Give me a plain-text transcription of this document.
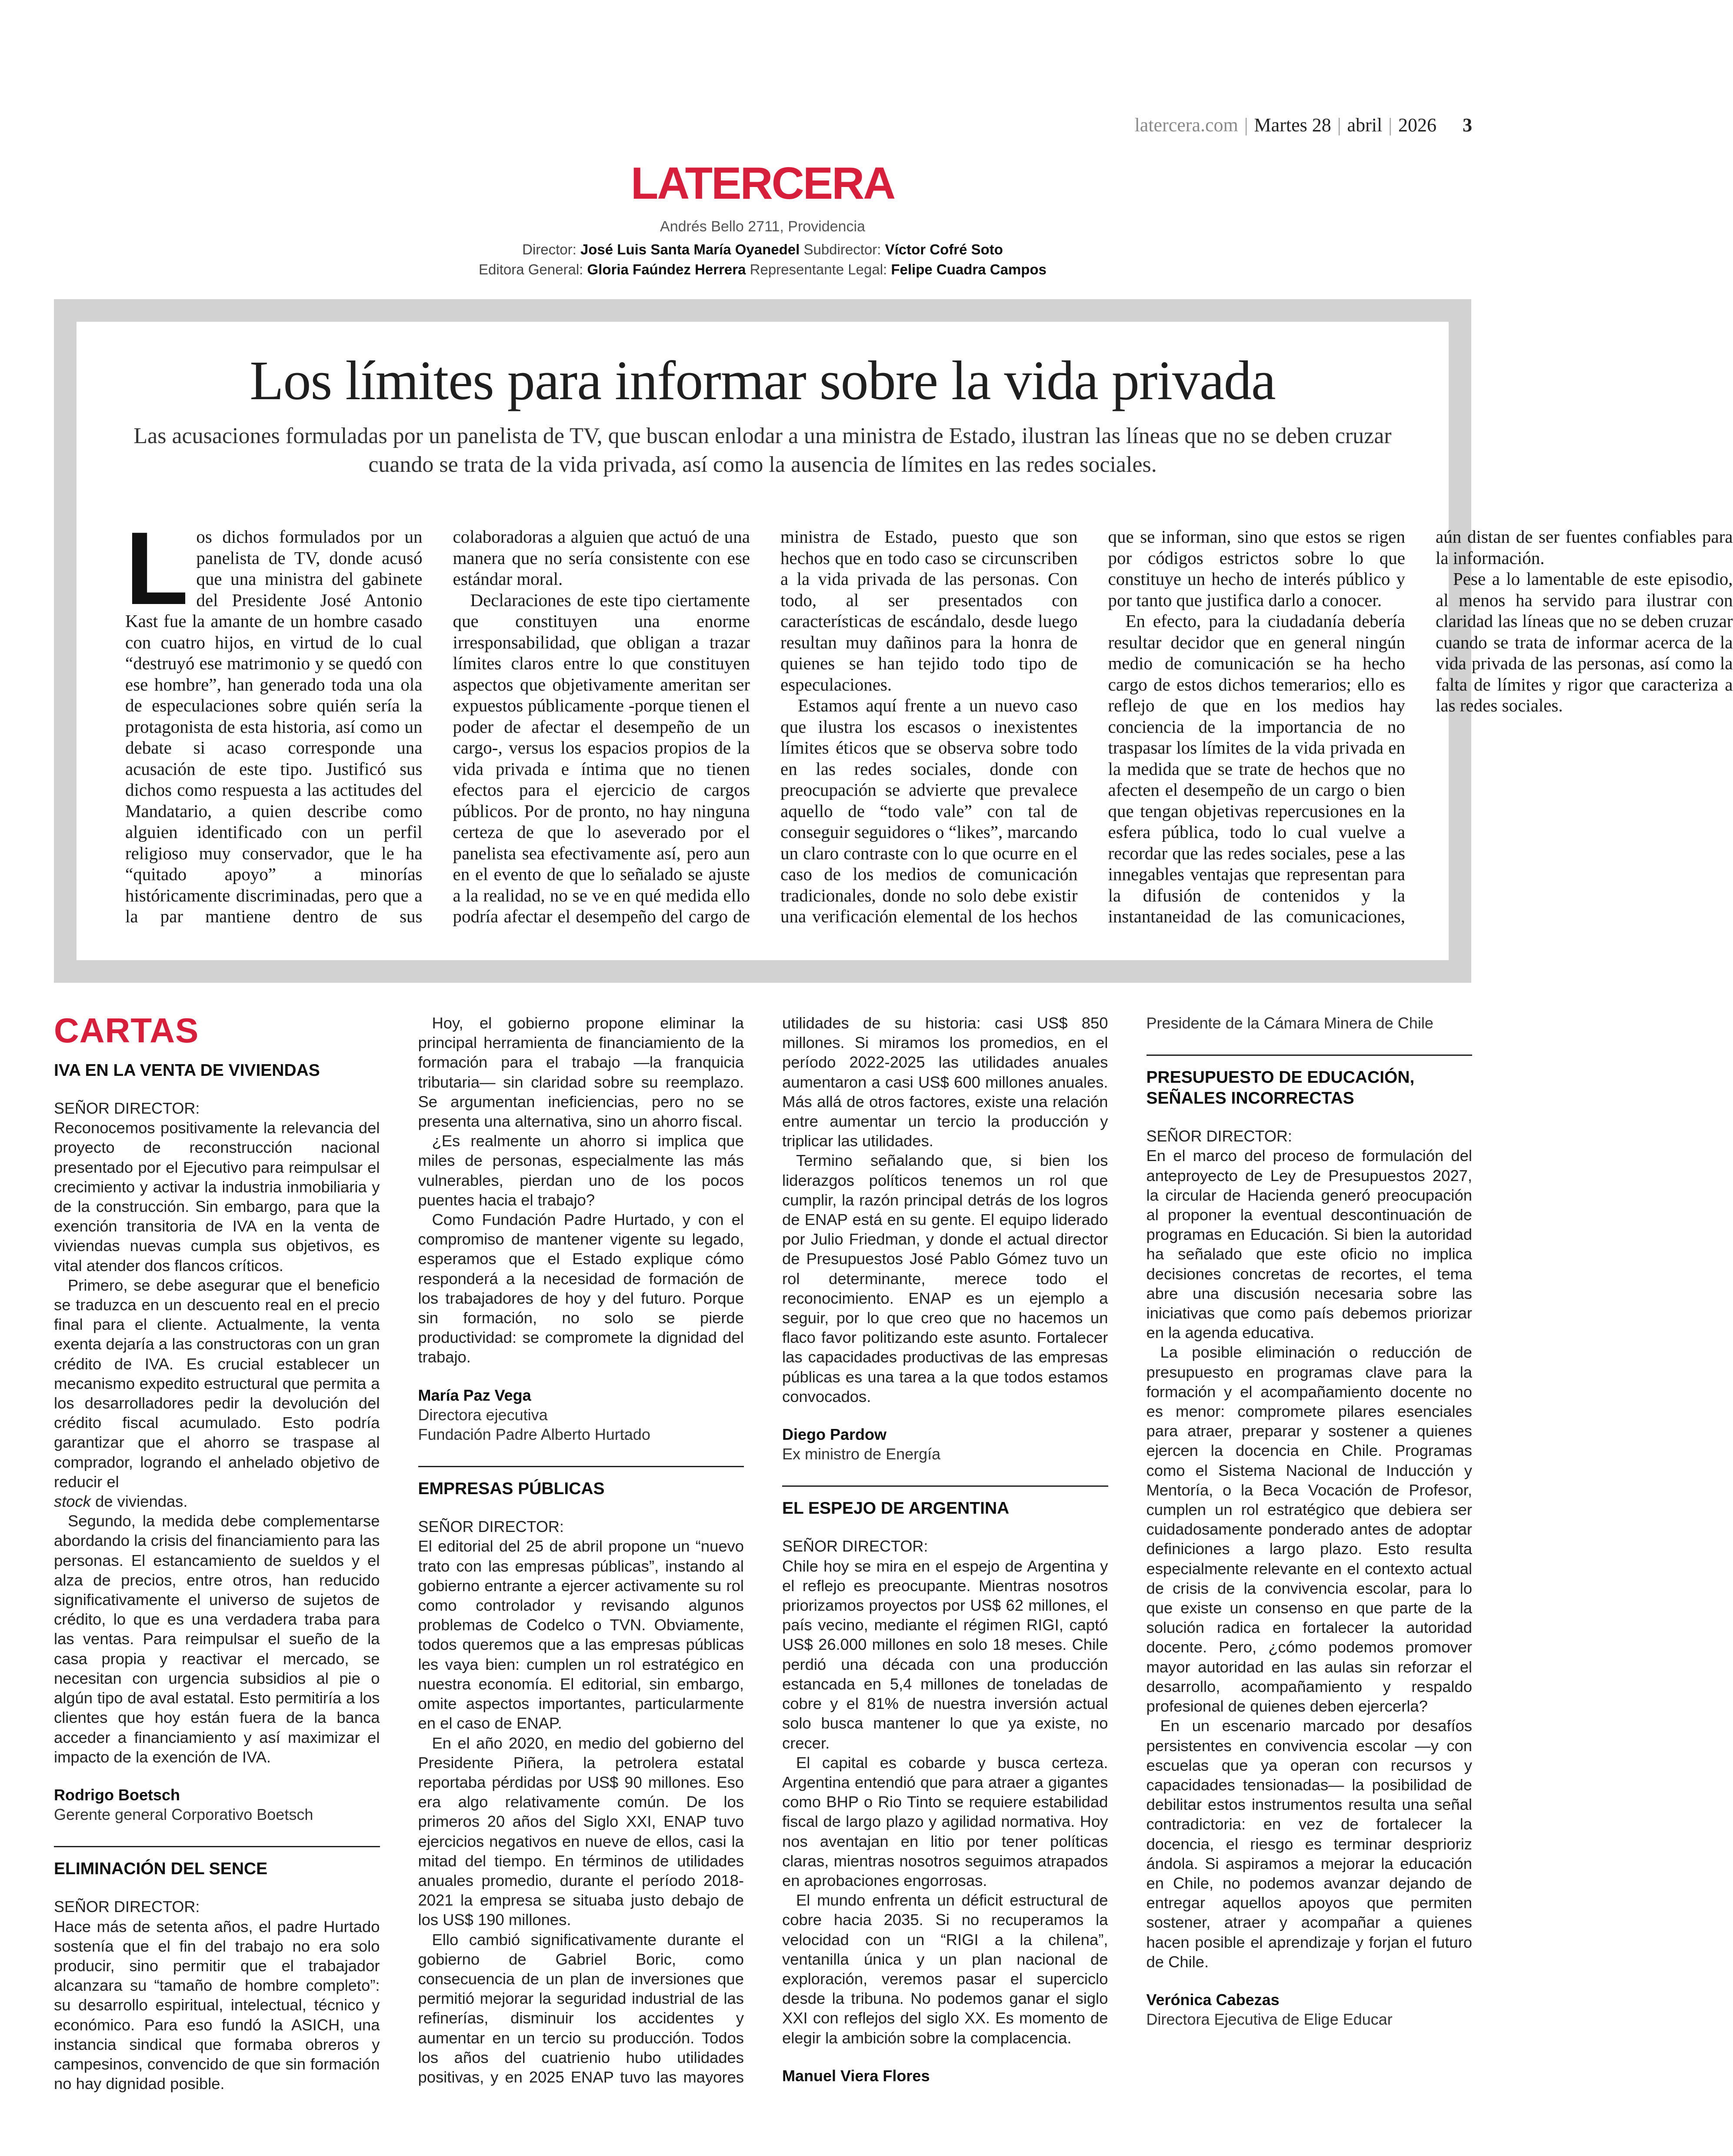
latercera.com | Martes 28 | abril | 2026 3
LATERCERA
Andrés Bello 2711, Providencia
Director: José Luis Santa María Oyanedel Subdirector: Víctor Cofré Soto
Editora General: Gloria Faúndez Herrera Representante Legal: Felipe Cuadra Campos
Los límites para informar sobre la vida privada
Las acusaciones formuladas por un panelista de TV, que buscan enlodar a una ministra de Estado, ilustran las líneas que no se deben cruzar cuando se trata de la vida privada, así como la ausencia de límites en las redes sociales.

Los dichos formulados por un panelista de TV, donde acusó que una ministra del gabinete del Presidente José Antonio Kast fue la amante de un hombre casado con cuatro hijos, en virtud de lo cual “destruyó ese matrimonio y se quedó con ese hombre”, han generado toda una ola de especulaciones sobre quién sería la protagonista de esta historia, así como un debate si acaso corresponde una acusación de este tipo. Justificó sus dichos como respuesta a las actitudes del Mandatario, a quien describe como alguien identificado con un perfil religioso muy conservador, que le ha “quitado apoyo” a minorías históricamente discriminadas, pero que a la par mantiene dentro de sus colaboradoras a alguien que actuó de una manera que no sería consistente con ese estándar moral.

Declaraciones de este tipo ciertamente que constituyen una enorme irresponsabilidad, que obligan a trazar límites claros entre lo que constituyen aspectos que objetivamente ameritan ser expuestos públicamente -porque tienen el poder de afectar el desempeño de un cargo-, versus los espacios propios de la vida privada e íntima que no tienen efectos para el ejercicio de cargos públicos. Por de pronto, no hay ninguna certeza de que lo aseverado por el panelista sea efectivamente así, pero aun en el evento de que lo señalado se ajuste a la realidad, no se ve en qué medida ello podría afectar el desempeño del cargo de ministra de Estado, puesto que son hechos que en todo caso se circunscriben a la vida privada de las personas. Con todo, al ser presentados con características de escándalo, desde luego resultan muy dañinos para la honra de quienes se han tejido todo tipo de especulaciones.

Estamos aquí frente a un nuevo caso que ilustra los escasos o inexistentes límites éticos que se observa sobre todo en las redes sociales, donde con preocupación se advierte que prevalece aquello de “todo vale” con tal de conseguir seguidores o “likes”, marcando un claro contraste con lo que ocurre en el caso de los medios de comunicación tradicionales, donde no solo debe existir una verificación elemental de los hechos que se informan, sino que estos se rigen por códigos estrictos sobre lo que constituye un hecho de interés público y por tanto que justifica darlo a conocer.

En efecto, para la ciudadanía debería resultar decidor que en general ningún medio de comunicación se ha hecho cargo de estos dichos temerarios; ello es reflejo de que en los medios hay conciencia de la importancia de no traspasar los límites de la vida privada en la medida que se trate de hechos que no afecten el desempeño de un cargo o bien que tengan objetivas repercusiones en la esfera pública, todo lo cual vuelve a recordar que las redes sociales, pese a las innegables ventajas que representan para la difusión de contenidos y la instantaneidad de las comunicaciones, aún distan de ser fuentes confiables para la información.

Pese a lo lamentable de este episodio, al menos ha servido para ilustrar con claridad las líneas que no se deben cruzar cuando se trata de informar acerca de la vida privada de las personas, así como la falta de límites y rigor que caracteriza a las redes sociales.

CARTAS
IVA EN LA VENTA DE VIVIENDAS
SEÑOR DIRECTOR:

Reconocemos positivamente la relevancia del proyecto de reconstrucción nacional presentado por el Ejecutivo para reimpulsar el crecimiento y activar la industria inmobiliaria y de la construcción. Sin embargo, para que la exención transitoria de IVA en la venta de viviendas nuevas cumpla sus objetivos, es vital atender dos flancos críticos.

Primero, se debe asegurar que el beneficio se traduzca en un descuento real en el precio final para el cliente. Actualmente, la venta exenta dejaría a las constructoras con un gran crédito de IVA. Es crucial establecer un mecanismo expedito estructural que permita a los desarrolladores pedir la devolución del crédito fiscal acumulado. Esto podría garantizar que el ahorro se traspase al comprador, logrando el anhelado objetivo de reducir el

stock de viviendas.

Segundo, la medida debe complementarse abordando la crisis del financiamiento para las personas. El estancamiento de sueldos y el alza de precios, entre otros, han reducido significativamente el universo de sujetos de crédito, lo que es una verdadera traba para las ventas. Para reimpulsar el sueño de la casa propia y reactivar el mercado, se necesitan con urgencia subsidios al pie o algún tipo de aval estatal. Esto permitiría a los clientes que hoy están fuera de la banca acceder a financiamiento y así maximizar el impacto de la exención de IVA.

Rodrigo Boetsch
Gerente general Corporativo Boetsch
ELIMINACIÓN DEL SENCE
SEÑOR DIRECTOR:

Hace más de setenta años, el padre Hurtado sostenía que el fin del trabajo no era solo producir, sino permitir que el trabajador alcanzara su “tamaño de hombre completo”: su desarrollo espiritual, intelectual, técnico y económico. Para eso fundó la ASICH, una instancia sindical que formaba obreros y campesinos, convencido de que sin formación no hay dignidad posible.

Hoy, el gobierno propone eliminar la principal herramienta de financiamiento de la formación para el trabajo —la franquicia tributaria— sin claridad sobre su reemplazo. Se argumentan ineficiencias, pero no se presenta una alternativa, sino un ahorro fiscal.

¿Es realmente un ahorro si implica que miles de personas, especialmente las más vulnerables, pierdan uno de los pocos puentes hacia el trabajo?

Como Fundación Padre Hurtado, y con el compromiso de mantener vigente su legado, esperamos que el Estado explique cómo responderá a la necesidad de formación de los trabajadores de hoy y del futuro. Porque sin formación, no solo se pierde productividad: se compromete la dignidad del trabajo.

María Paz Vega
Directora ejecutiva
Fundación Padre Alberto Hurtado
EMPRESAS PÚBLICAS
SEÑOR DIRECTOR:

El editorial del 25 de abril propone un “nuevo trato con las empresas públicas”, instando al gobierno entrante a ejercer activamente su rol como controlador y revisando algunos problemas de Codelco o TVN. Obviamente, todos queremos que a las empresas públicas les vaya bien: cumplen un rol estratégico en nuestra economía. El editorial, sin embargo, omite aspectos importantes, particularmente en el caso de ENAP.

En el año 2020, en medio del gobierno del Presidente Piñera, la petrolera estatal reportaba pérdidas por US$ 90 millones. Eso era algo relativamente común. De los primeros 20 años del Siglo XXI, ENAP tuvo ejercicios negativos en nueve de ellos, casi la mitad del tiempo. En términos de utilidades anuales promedio, durante el período 2018-2021 la empresa se situaba justo debajo de los US$ 190 millones.

Ello cambió significativamente durante el gobierno de Gabriel Boric, como consecuencia de un plan de inversiones que permitió mejorar la seguridad industrial de las refinerías, disminuir los accidentes y aumentar en un tercio su producción. Todos los años del cuatrienio hubo utilidades positivas, y en 2025 ENAP tuvo las mayores utilidades de su historia: casi US$ 850 millones. Si miramos los promedios, en el período 2022-2025 las utilidades anuales aumentaron a casi US$ 600 millones anuales. Más allá de otros factores, existe una relación entre aumentar un tercio la producción y triplicar las utilidades.

Termino señalando que, si bien los liderazgos políticos tenemos un rol que cumplir, la razón principal detrás de los logros de ENAP está en su gente. El equipo liderado por Julio Friedman, y donde el actual director de Presupuestos José Pablo Gómez tuvo un rol determinante, merece todo el reconocimiento. ENAP es un ejemplo a seguir, por lo que creo que no hacemos un flaco favor politizando este asunto. Fortalecer las capacidades productivas de las empresas públicas es una tarea a la que todos estamos convocados.

Diego Pardow
Ex ministro de Energía
EL ESPEJO DE ARGENTINA
SEÑOR DIRECTOR:

Chile hoy se mira en el espejo de Argentina y el reflejo es preocupante. Mientras nosotros priorizamos proyectos por US$ 62 millones, el país vecino, mediante el régimen RIGI, captó US$ 26.000 millones en solo 18 meses. Chile perdió una década con una producción estancada en 5,4 millones de toneladas de cobre y el 81% de nuestra inversión actual solo busca mantener lo que ya existe, no crecer.

El capital es cobarde y busca certeza. Argentina entendió que para atraer a gigantes como BHP o Rio Tinto se requiere estabilidad fiscal de largo plazo y agilidad normativa. Hoy nos aventajan en litio por tener políticas claras, mientras nosotros seguimos atrapados en aprobaciones engorrosas.

El mundo enfrenta un déficit estructural de cobre hacia 2035. Si no recuperamos la velocidad con un “RIGI a la chilena”, ventanilla única y un plan nacional de exploración, veremos pasar el superciclo desde la tribuna. No podemos ganar el siglo XXI con reflejos del siglo XX. Es momento de elegir la ambición sobre la complacencia.

Manuel Viera Flores
Presidente de la Cámara Minera de Chile
PRESUPUESTO DE EDUCACIÓN, SEÑALES INCORRECTAS
SEÑOR DIRECTOR:

En el marco del proceso de formulación del anteproyecto de Ley de Presupuestos 2027, la circular de Hacienda generó preocupación al proponer la eventual descontinuación de programas en Educación. Si bien la autoridad ha señalado que este oficio no implica decisiones concretas de recortes, el tema abre una discusión necesaria sobre las iniciativas que como país debemos priorizar en la agenda educativa.

La posible eliminación o reducción de presupuesto en programas clave para la formación y el acompañamiento docente no es menor: compromete pilares esenciales para atraer, preparar y sostener a quienes ejercen la docencia en Chile. Programas como el Sistema Nacional de Inducción y Mentoría, o la Beca Vocación de Profesor, cumplen un rol estratégico que debiera ser cuidadosamente ponderado antes de adoptar definiciones a largo plazo. Esto resulta especialmente relevante en el contexto actual de crisis de la convivencia escolar, para lo que existe un consenso en que parte de la solución radica en fortalecer la autoridad docente. Pero, ¿cómo podemos promover mayor autoridad en las aulas sin reforzar el desarrollo, acompañamiento y respaldo profesional de quienes deben ejercerla?

En un escenario marcado por desafíos persistentes en convivencia escolar —y con escuelas que ya operan con recursos y capacidades tensionadas— la posibilidad de debilitar estos instrumentos resulta una señal contradictoria: en vez de fortalecer la docencia, el riesgo es terminar desprioriz ándola. Si aspiramos a mejorar la educación en Chile, no podemos avanzar dejando de entregar aquellos apoyos que permiten sostener, atraer y acompañar a quienes hacen posible el aprendizaje y forjan el futuro de Chile.

Verónica Cabezas
Directora Ejecutiva de Elige Educar
